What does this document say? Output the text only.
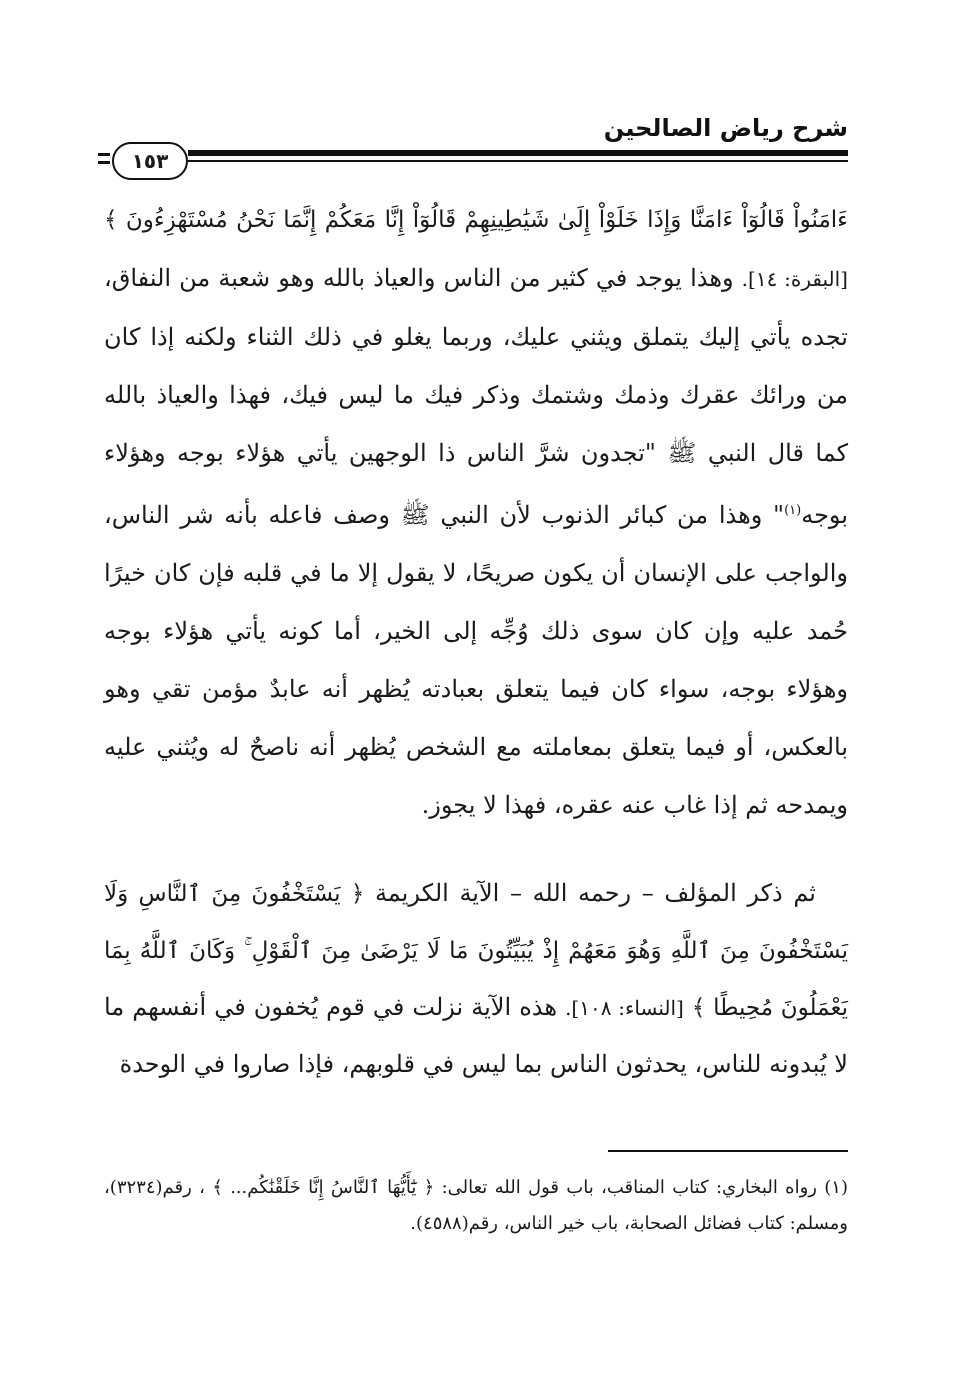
شرح رياض الصالحين
١٥٣

ءَامَنُواْ قَالُوٓاْ ءَامَنَّا وَإِذَا خَلَوْاْ إِلَىٰ شَيَٰطِينِهِمْ قَالُوٓاْ إِنَّا مَعَكُمْ إِنَّمَا نَحْنُ مُسْتَهْزِءُونَ ﴾ [البقرة: ١٤]. وهذا يوجد في كثير من الناس والعياذ بالله وهو شعبة من النفاق، تجده يأتي إليك يتملق ويثني عليك، وربما يغلو في ذلك الثناء ولكنه إذا كان من ورائك عقرك وذمك وشتمك وذكر فيك ما ليس فيك، فهذا والعياذ بالله كما قال النبي ﷺ "تجدون شرَّ الناس ذا الوجهين يأتي هؤلاء بوجه وهؤلاء بوجه$^{(١)}$" وهذا من كبائر الذنوب لأن النبي ﷺ وصف فاعله بأنه شر الناس، والواجب على الإنسان أن يكون صريحًا، لا يقول إلا ما في قلبه فإن كان خيرًا حُمد عليه وإن كان سوى ذلك وُجِّه إلى الخير، أما كونه يأتي هؤلاء بوجه وهؤلاء بوجه، سواء كان فيما يتعلق بعبادته يُظهر أنه عابدٌ مؤمن تقي وهو بالعكس، أو فيما يتعلق بمعاملته مع الشخص يُظهر أنه ناصحٌ له ويُثني عليه ويمدحه ثم إذا غاب عنه عقره، فهذا لا يجوز.

ثم ذكر المؤلف – رحمه الله – الآية الكريمة ﴿ يَسْتَخْفُونَ مِنَ ٱلنَّاسِ وَلَا يَسْتَخْفُونَ مِنَ ٱللَّهِ وَهُوَ مَعَهُمْ إِذْ يُبَيِّتُونَ مَا لَا يَرْضَىٰ مِنَ ٱلْقَوْلِ ۚ وَكَانَ ٱللَّهُ بِمَا يَعْمَلُونَ مُحِيطًا ﴾ [النساء: ١٠٨]. هذه الآية نزلت في قوم يُخفون في أنفسهم ما لا يُبدونه للناس، يحدثون الناس بما ليس في قلوبهم، فإذا صاروا في الوحدة

(١) رواه البخاري: كتاب المناقب، باب قول الله تعالى: ﴿ يَٰٓأَيُّهَا ٱلنَّاسُ إِنَّا خَلَقْنَٰكُم... ﴾ ، رقم(٣٢٣٤)، ومسلم: كتاب فضائل الصحابة، باب خير الناس، رقم(٤٥٨٨).
